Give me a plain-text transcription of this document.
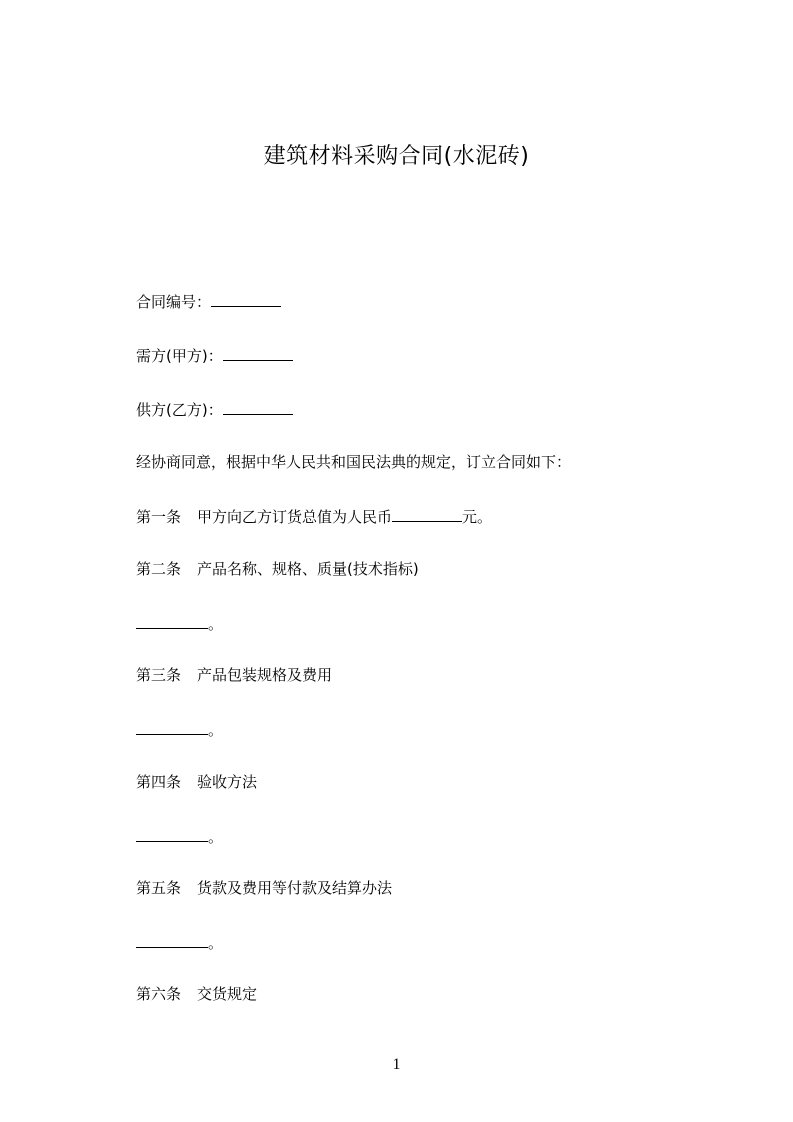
建筑材料采购合同(水泥砖)
合同编号：
需方(甲方)：
供方(乙方)：
经协商同意，根据中华人民共和国民法典的规定，订立合同如下：
第一条 甲方向乙方订货总值为人民币	元。
第二条 产品名称、规格、质量(技术指标)
。
第三条 产品包装规格及费用
。
第四条 验收方法
。
第五条 货款及费用等付款及结算办法
。
第六条 交货规定
1
